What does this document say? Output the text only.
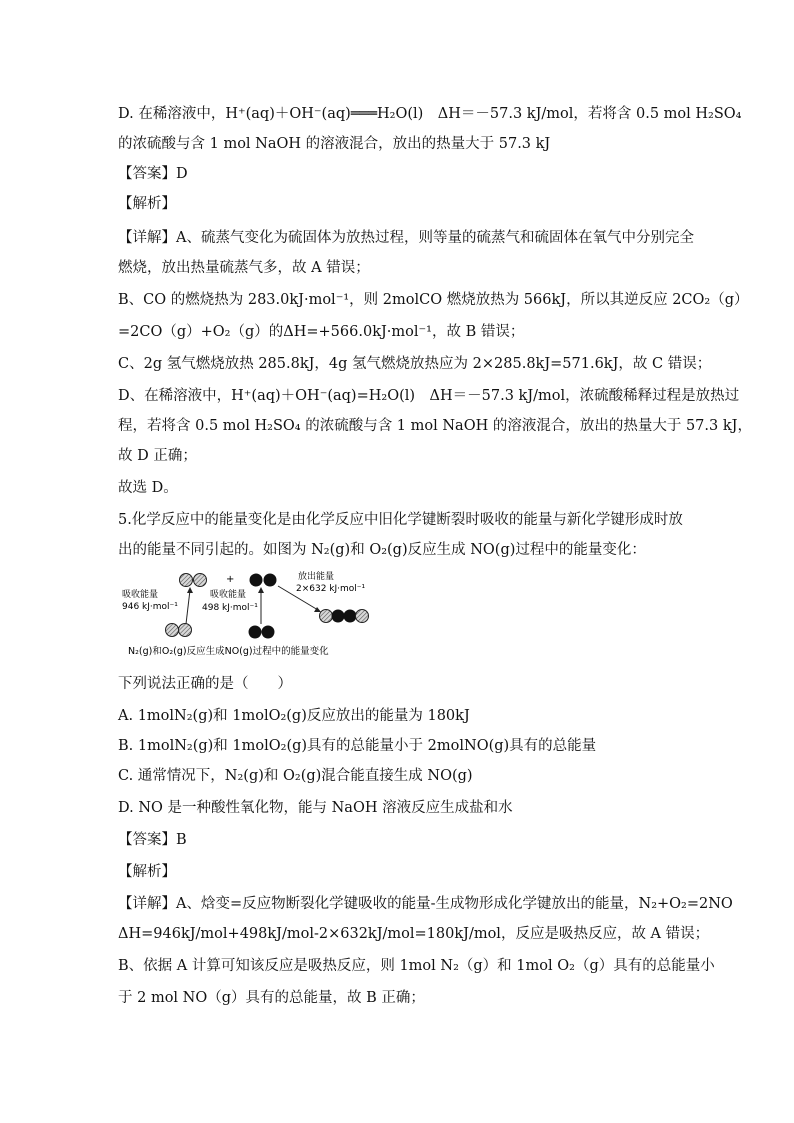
D. 在稀溶液中，H⁺(aq)＋OH⁻(aq)═══H₂O(l)　ΔH＝－57.3 kJ/mol，若将含 0.5 mol H₂SO₄
的浓硫酸与含 1 mol NaOH 的溶液混合，放出的热量大于 57.3 kJ
【答案】D
【解析】
【详解】A、硫蒸气变化为硫固体为放热过程，则等量的硫蒸气和硫固体在氧气中分别完全
燃烧，放出热量硫蒸气多，故 A 错误；
B、CO 的燃烧热为 283.0kJ·mol⁻¹，则 2molCO 燃烧放热为 566kJ，所以其逆反应 2CO₂（g）
=2CO（g）+O₂（g）的ΔH=+566.0kJ·mol⁻¹，故 B 错误；
C、2g 氢气燃烧放热 285.8kJ，4g 氢气燃烧放热应为 2×285.8kJ=571.6kJ，故 C 错误；
D、在稀溶液中，H⁺(aq)＋OH⁻(aq)=H₂O(l)　ΔH＝－57.3 kJ/mol，浓硫酸稀释过程是放热过
程，若将含 0.5 mol H₂SO₄ 的浓硫酸与含 1 mol NaOH 的溶液混合，放出的热量大于 57.3 kJ，
故 D 正确；
故选 D。
5.化学反应中的能量变化是由化学反应中旧化学键断裂时吸收的能量与新化学键形成时放
出的能量不同引起的。如图为 N₂(g)和 O₂(g)反应生成 NO(g)过程中的能量变化：
+
吸收能量
946 kJ·mol⁻¹
吸收能量
498 kJ·mol⁻¹
放出能量
2×632 kJ·mol⁻¹
N₂(g)和O₂(g)反应生成NO(g)过程中的能量变化
下列说法正确的是（　　）
A. 1molN₂(g)和 1molO₂(g)反应放出的能量为 180kJ
B. 1molN₂(g)和 1molO₂(g)具有的总能量小于 2molNO(g)具有的总能量
C. 通常情况下，N₂(g)和 O₂(g)混合能直接生成 NO(g)
D. NO 是一种酸性氧化物，能与 NaOH 溶液反应生成盐和水
【答案】B
【解析】
【详解】A、焓变=反应物断裂化学键吸收的能量-生成物形成化学键放出的能量，N₂+O₂=2NO
ΔH=946kJ/mol+498kJ/mol-2×632kJ/mol=180kJ/mol，反应是吸热反应，故 A 错误；
B、依据 A 计算可知该反应是吸热反应，则 1mol N₂（g）和 1mol O₂（g）具有的总能量小
于 2 mol NO（g）具有的总能量，故 B 正确；
